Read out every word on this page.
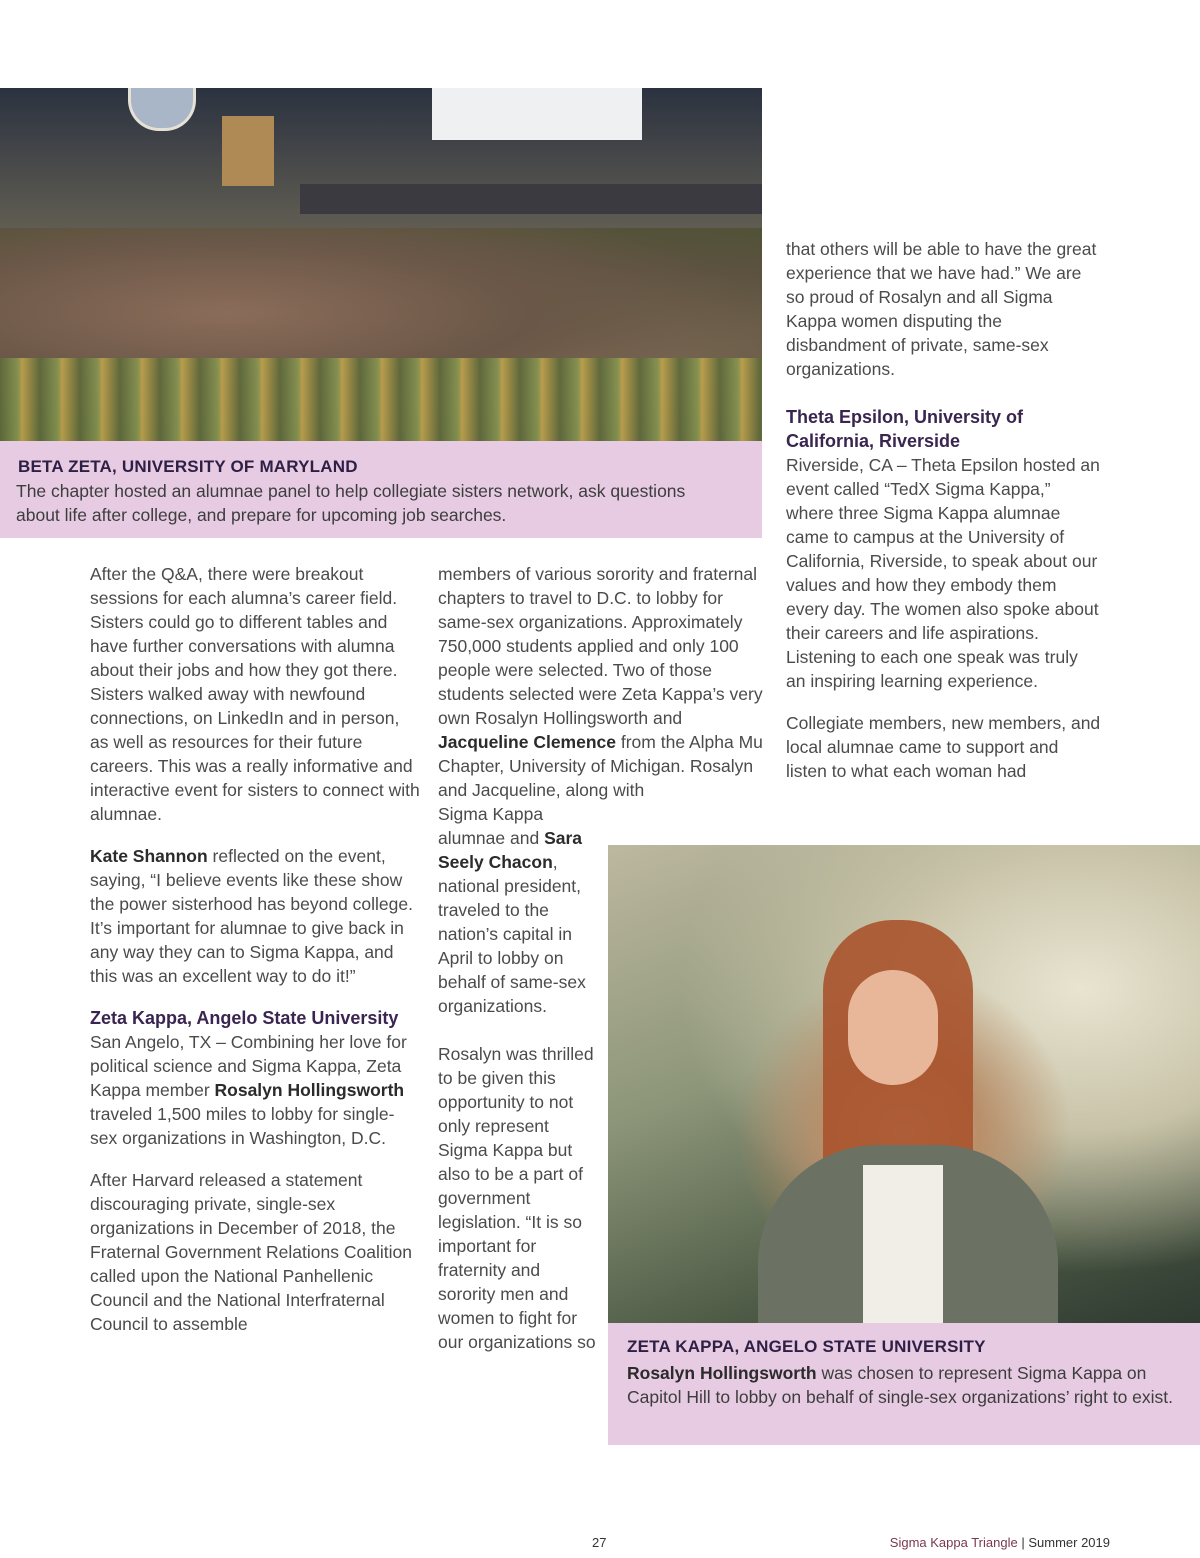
BETA ZETA, UNIVERSITY OF MARYLAND
The chapter hosted an alumnae panel to help collegiate sisters network, ask questions about life after college, and prepare for upcoming job searches.

After the Q&A, there were breakout sessions for each alumna’s career field. Sisters could go to different tables and have further conversations with alumna about their jobs and how they got there. Sisters walked away with newfound connections, on LinkedIn and in person, as well as resources for their future careers. This was a really informative and interactive event for sisters to connect with alumnae.

Kate Shannon reflected on the event, saying, “I believe events like these show the power sisterhood has beyond college. It’s important for alumnae to give back in any way they can to Sigma Kappa, and this was an excellent way to do it!”

Zeta Kappa, Angelo State University
San Angelo, TX – Combining her love for political science and Sigma Kappa, Zeta Kappa member Rosalyn Hollingsworth traveled 1,500 miles to lobby for single-sex organizations in Washington, D.C.

After Harvard released a statement discouraging private, single-sex organizations in December of 2018, the Fraternal Government Relations Coalition called upon the National Panhellenic Council and the National Interfraternal Council to assemble

members of various sorority and fraternal chapters to travel to D.C. to lobby for same-sex organizations. Approximately 750,000 students applied and only 100 people were selected. Two of those students selected were Zeta Kappa’s very own Rosalyn Hollingsworth and Jacqueline Clemence from the Alpha Mu Chapter, University of Michigan. Rosalyn and Jacqueline, along with

Sigma Kappa alumnae and Sara Seely Chacon, national president, traveled to the nation’s capital in April to lobby on behalf of same-sex organizations.

Rosalyn was thrilled to be given this opportunity to not only represent Sigma Kappa but also to be a part of government legislation. “It is so important for fraternity and sorority men and women to fight for our organizations so

that others will be able to have the great experience that we have had.” We are so proud of Rosalyn and all Sigma Kappa women disputing the disbandment of private, same-sex organizations.

Theta Epsilon, University of California, Riverside
Riverside, CA – Theta Epsilon hosted an event called “TedX Sigma Kappa,” where three Sigma Kappa alumnae came to campus at the University of California, Riverside, to speak about our values and how they embody them every day. The women also spoke about their careers and life aspirations. Listening to each one speak was truly an inspiring learning experience.

Collegiate members, new members, and local alumnae came to support and listen to what each woman had

ZETA KAPPA, ANGELO STATE UNIVERSITY
Rosalyn Hollingsworth was chosen to represent Sigma Kappa on Capitol Hill to lobby on behalf of single-sex organizations’ right to exist.
27	Sigma Kappa Triangle | Summer 2019
